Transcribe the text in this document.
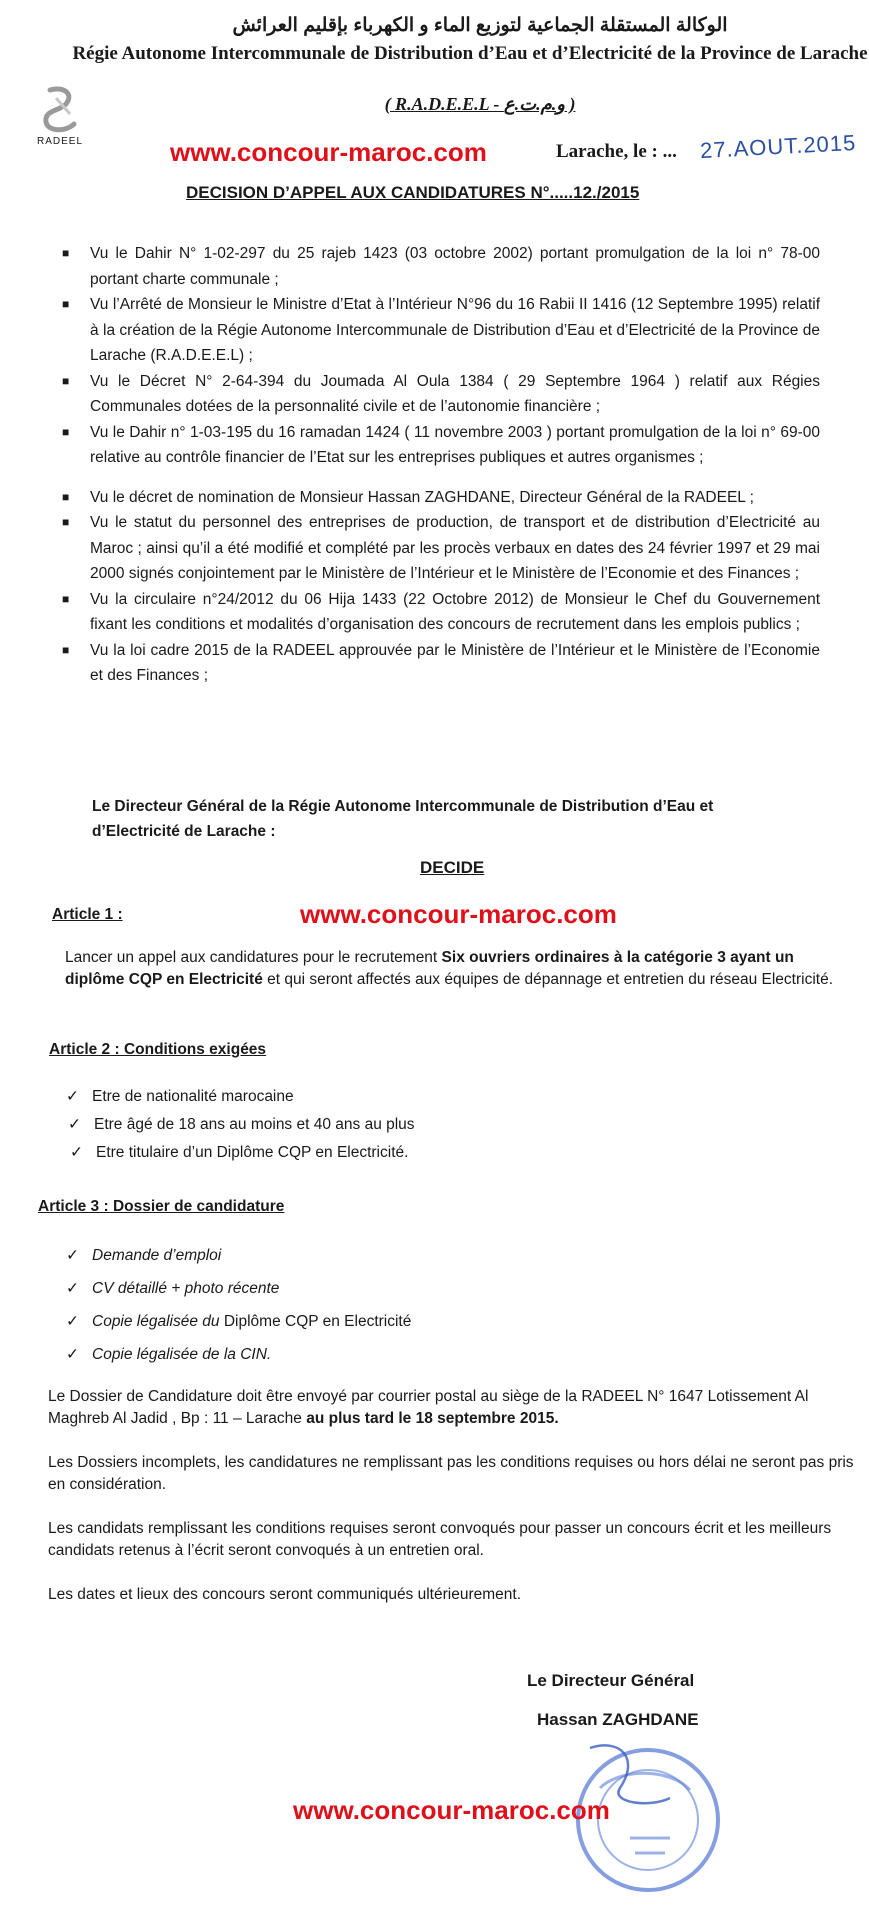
الوكالة المستقلة الجماعية لتوزيع الماء و الكهرباء بإقليم العرائش
Régie Autonome Intercommunale de Distribution d’Eau et d’Electricité de la Province de Larache
( R.A.D.E.E.L - و.م.ت.ع )
RADEEL	www.concour-maroc.com	Larache, le : ... 27.AOUT.2015
DECISION D’APPEL AUX CANDIDATURES N°.....12./2015
■ Vu le Dahir N° 1-02-297 du 25 rajeb 1423 (03 octobre 2002) portant promulgation de la loi n° 78-00 portant charte communale ;
■ Vu l’Arrêté de Monsieur le Ministre d’Etat à l’Intérieur N°96 du 16 Rabii II 1416 (12 Septembre 1995) relatif à la création de la Régie Autonome Intercommunale de Distribution d’Eau et d’Electricité de la Province de Larache (R.A.D.E.E.L) ;
■ Vu le Décret N° 2-64-394 du Joumada Al Oula 1384 ( 29 Septembre 1964 ) relatif aux Régies Communales dotées de la personnalité civile et de l’autonomie financière ;
■ Vu le Dahir n° 1-03-195 du 16 ramadan 1424 ( 11 novembre 2003 ) portant promulgation de la loi n° 69-00 relative au contrôle financier de l’Etat sur les entreprises publiques et autres organismes ;
■ Vu le décret de nomination de Monsieur Hassan ZAGHDANE, Directeur Général de la RADEEL ;
■ Vu le statut du personnel des entreprises de production, de transport et de distribution d’Electricité au Maroc ; ainsi qu’il a été modifié et complété par les procès verbaux en dates des 24 février 1997 et 29 mai 2000 signés conjointement par le Ministère de l’Intérieur et le Ministère de l’Economie et des Finances ;
■ Vu la circulaire n°24/2012 du 06 Hija 1433 (22 Octobre 2012) de Monsieur le Chef du Gouvernement fixant les conditions et modalités d’organisation des concours de recrutement dans les emplois publics ;
■ Vu la loi cadre 2015 de la RADEEL approuvée par le Ministère de l’Intérieur et le Ministère de l’Economie et des Finances ;
Le Directeur Général de la Régie Autonome Intercommunale de Distribution d’Eau et d’Electricité de Larache :
DECIDE
Article 1 :	www.concour-maroc.com
Lancer un appel aux candidatures pour le recrutement Six ouvriers ordinaires à la catégorie 3 ayant un diplôme CQP en Electricité et qui seront affectés aux équipes de dépannage et entretien du réseau Electricité.
Article 2 : Conditions exigées
✓ Etre de nationalité marocaine
✓ Etre âgé de 18 ans au moins et 40 ans au plus
✓ Etre titulaire d’un Diplôme CQP en Electricité.
Article 3 : Dossier de candidature
✓ Demande d’emploi
✓ CV détaillé + photo récente
✓ Copie légalisée du Diplôme CQP en Electricité
✓ Copie légalisée de la CIN.
Le Dossier de Candidature doit être envoyé par courrier postal au siège de la RADEEL N° 1647 Lotissement Al Maghreb Al Jadid , Bp : 11 – Larache au plus tard le 18 septembre 2015.
Les Dossiers incomplets, les candidatures ne remplissant pas les conditions requises ou hors délai ne seront pas pris en considération.
Les candidats remplissant les conditions requises seront convoqués pour passer un concours écrit et les meilleurs candidats retenus à l’écrit seront convoqués à un entretien oral.
Les dates et lieux des concours seront communiqués ultérieurement.
Le Directeur Général
Hassan ZAGHDANE
www.concour-maroc.com
